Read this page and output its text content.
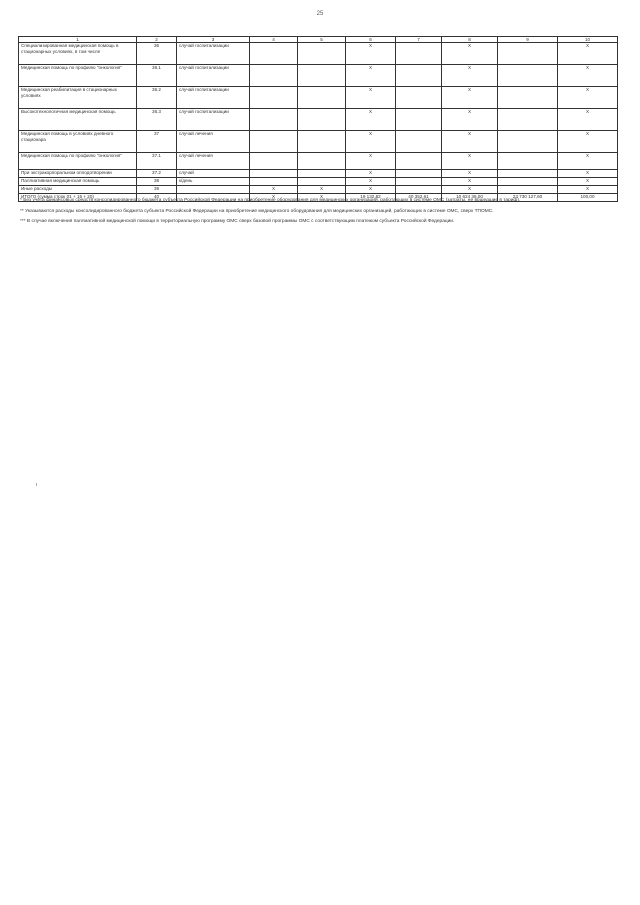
25
1	2	3	4	5	6	7	8	9	10
Специализированная медицинская помощь в стационарных условиях, в том числе	36	случай госпитализации			X		X		X
Медицинская помощь по профилю "онкология"	36.1	случай госпитализации			X		X		X
Медицинская реабилитация в стационарных условиях	36.2	случай госпитализации			X		X		X
Высокотехнологичная медицинская помощь	36.3	случай госпитализации			X		X		X
Медицинская помощь в условиях дневного стационара	37	случай лечения			X		X		X
Медицинская помощь по профилю "онкология"	37.1	случай лечения			X		X		X
При экстракорпоральном оплодотворении	37.2	случай			X		X		X
Паллиативная медицинская помощь	38	к/день			X		X		X
Иные расходы	39		X	X	X		X		X
ИТОГО (сумма строк 01 + 15 + 20)	40		X	X	19 132,82	40 352,61	10 624 36,00	23 730 127,60	100,00

* Без учета финансовых средств консолидированного бюджета субъекта Российской Федерации на приобретение оборудования для медицинских организаций, работающих в системе ОМС (затраты, не вошедшие в тариф).

** Указываются расходы консолидированного бюджета субъекта Российской Федерации на приобретение медицинского оборудования для медицинских организаций, работающих в системе ОМС, сверх ТПОМС.

*** В случае включения паллиативной медицинской помощи в территориальную программу ОМС сверх базовой программы ОМС с соответствующим платежом субъекта Российской Федерации.
